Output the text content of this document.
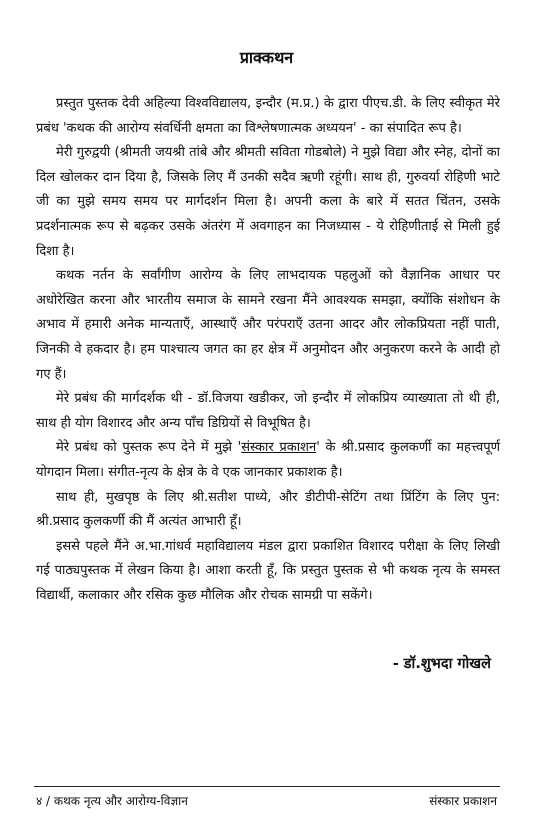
प्राक्कथन

प्रस्तुत पुस्तक देवी अहिल्या विश्वविद्यालय, इन्दौर (म.प्र.) के द्वारा पीएच.डी. के लिए स्वीकृत मेरे प्रबंध 'कथक की आरोग्य संवर्धिनी क्षमता का विश्लेषणात्मक अध्ययन' - का संपादित रूप है।

मेरी गुरुद्वयी (श्रीमती जयश्री तांबे और श्रीमती सविता गोडबोले) ने मुझे विद्या और स्नेह, दोनों का दिल खोलकर दान दिया है, जिसके लिए मैं उनकी सदैव ऋणी रहूंगी। साथ ही, गुरुवर्या रोहिणी भाटे जी का मुझे समय समय पर मार्गदर्शन मिला है। अपनी कला के बारे में सतत चिंतन, उसके प्रदर्शनात्मक रूप से बढ़कर उसके अंतरंग में अवगाहन का निजध्यास - ये रोहिणीताई से मिली हुई दिशा है।

कथक नर्तन के सर्वांगीण आरोग्य के लिए लाभदायक पहलुओं को वैज्ञानिक आधार पर अधोरेखित करना और भारतीय समाज के सामने रखना मैंने आवश्यक समझा, क्योंकि संशोधन के अभाव में हमारी अनेक मान्यताएँ, आस्थाएँ और परंपराएँ उतना आदर और लोकप्रियता नहीं पाती, जिनकी वे हकदार है। हम पाश्चात्य जगत का हर क्षेत्र में अनुमोदन और अनुकरण करने के आदी हो गए हैं।

मेरे प्रबंध की मार्गदर्शक थी - डॉ.विजया खडीकर, जो इन्दौर में लोकप्रिय व्याख्याता तो थी ही, साथ ही योग विशारद और अन्य पाँच डिग्रियों से विभूषित है।

मेरे प्रबंध को पुस्तक रूप देने में मुझे 'संस्कार प्रकाशन' के श्री.प्रसाद कुलकर्णी का महत्त्वपूर्ण योगदान मिला। संगीत-नृत्य के क्षेत्र के वे एक जानकार प्रकाशक है।

साथ ही, मुखपृष्ठ के लिए श्री.सतीश पाध्ये, और डीटीपी-सेटिंग तथा प्रिंटिंग के लिए पुन: श्री.प्रसाद कुलकर्णी की मैं अत्यंत आभारी हूँ।

इससे पहले मैंने अ.भा.गांधर्व महाविद्यालय मंडल द्वारा प्रकाशित विशारद परीक्षा के लिए लिखी गई पाठ्यपुस्तक में लेखन किया है। आशा करती हूँ, कि प्रस्तुत पुस्तक से भी कथक नृत्य के समस्त विद्यार्थी, कलाकार और रसिक कुछ मौलिक और रोचक सामग्री पा सकेंगे।

- डॉ.शुभदा गोखले
४ / कथक नृत्य और आरोग्य-विज्ञान	संस्कार प्रकाशन
